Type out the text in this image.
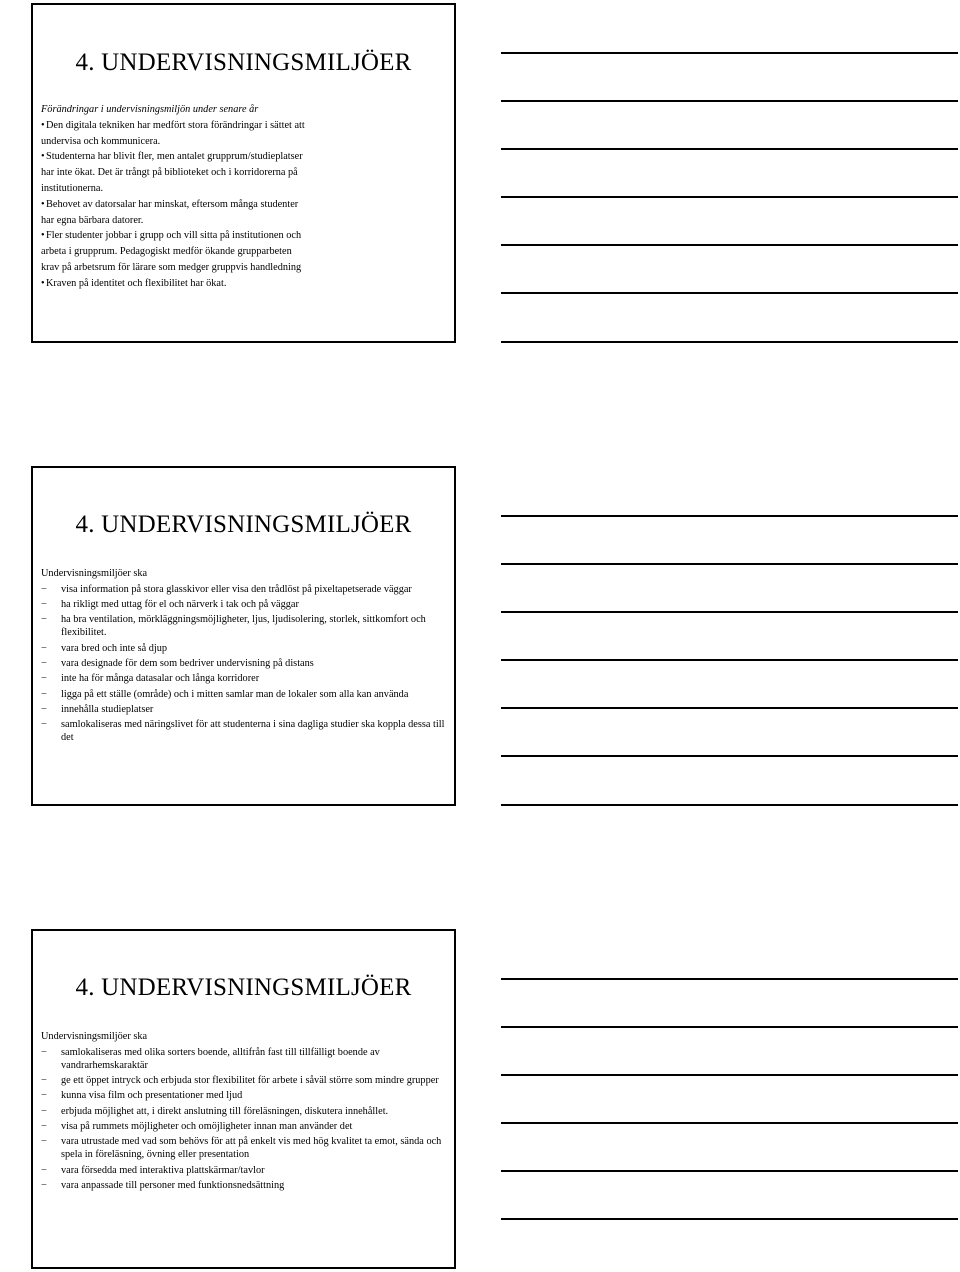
4. UNDERVISNINGSMILJÖER
Förändringar i undervisningsmiljön under senare år
• Den digitala tekniken har medfört stora förändringar i sättet att
undervisa och kommunicera.
• Studenterna har blivit fler, men antalet grupprum/studieplatser
har inte ökat. Det är trångt på biblioteket och i korridorerna på
institutionerna.
• Behovet av datorsalar har minskat, eftersom många studenter
har egna bärbara datorer.
• Fler studenter jobbar i grupp och vill sitta på institutionen och
arbeta i grupprum. Pedagogiskt medför ökande grupparbeten
krav på arbetsrum för lärare som medger gruppvis handledning
• Kraven på identitet och flexibilitet har ökat.
4. UNDERVISNINGSMILJÖER
Undervisningsmiljöer ska
−	visa information på stora glasskivor eller visa den trådlöst på pixeltapetserade väggar
−	ha rikligt med uttag för el och närverk i tak och på väggar
−	ha bra ventilation, mörkläggningsmöjligheter, ljus, ljudisolering, storlek, sittkomfort och flexibilitet.
−	vara bred och inte så djup
−	vara designade för dem som bedriver undervisning på distans
−	inte ha för många datasalar och långa korridorer
−	ligga på ett ställe (område) och i mitten samlar man de lokaler som alla kan använda
−	innehålla studieplatser
−	samlokaliseras med näringslivet för att studenterna i sina dagliga studier ska koppla dessa till det
4. UNDERVISNINGSMILJÖER
Undervisningsmiljöer ska
−	samlokaliseras med olika sorters boende, alltifrån fast till tillfälligt boende av vandrarhemskaraktär
−	ge ett öppet intryck och erbjuda stor flexibilitet för arbete i såväl större som mindre grupper
−	kunna visa film och presentationer med ljud
−	erbjuda möjlighet att, i direkt anslutning till föreläsningen, diskutera innehållet.
−	visa på rummets möjligheter och omöjligheter innan man använder det
−	vara utrustade med vad som behövs för att på enkelt vis med hög kvalitet ta emot, sända och spela in föreläsning, övning eller presentation
−	vara försedda med interaktiva plattskärmar/tavlor
−	vara anpassade till personer med funktionsnedsättning
